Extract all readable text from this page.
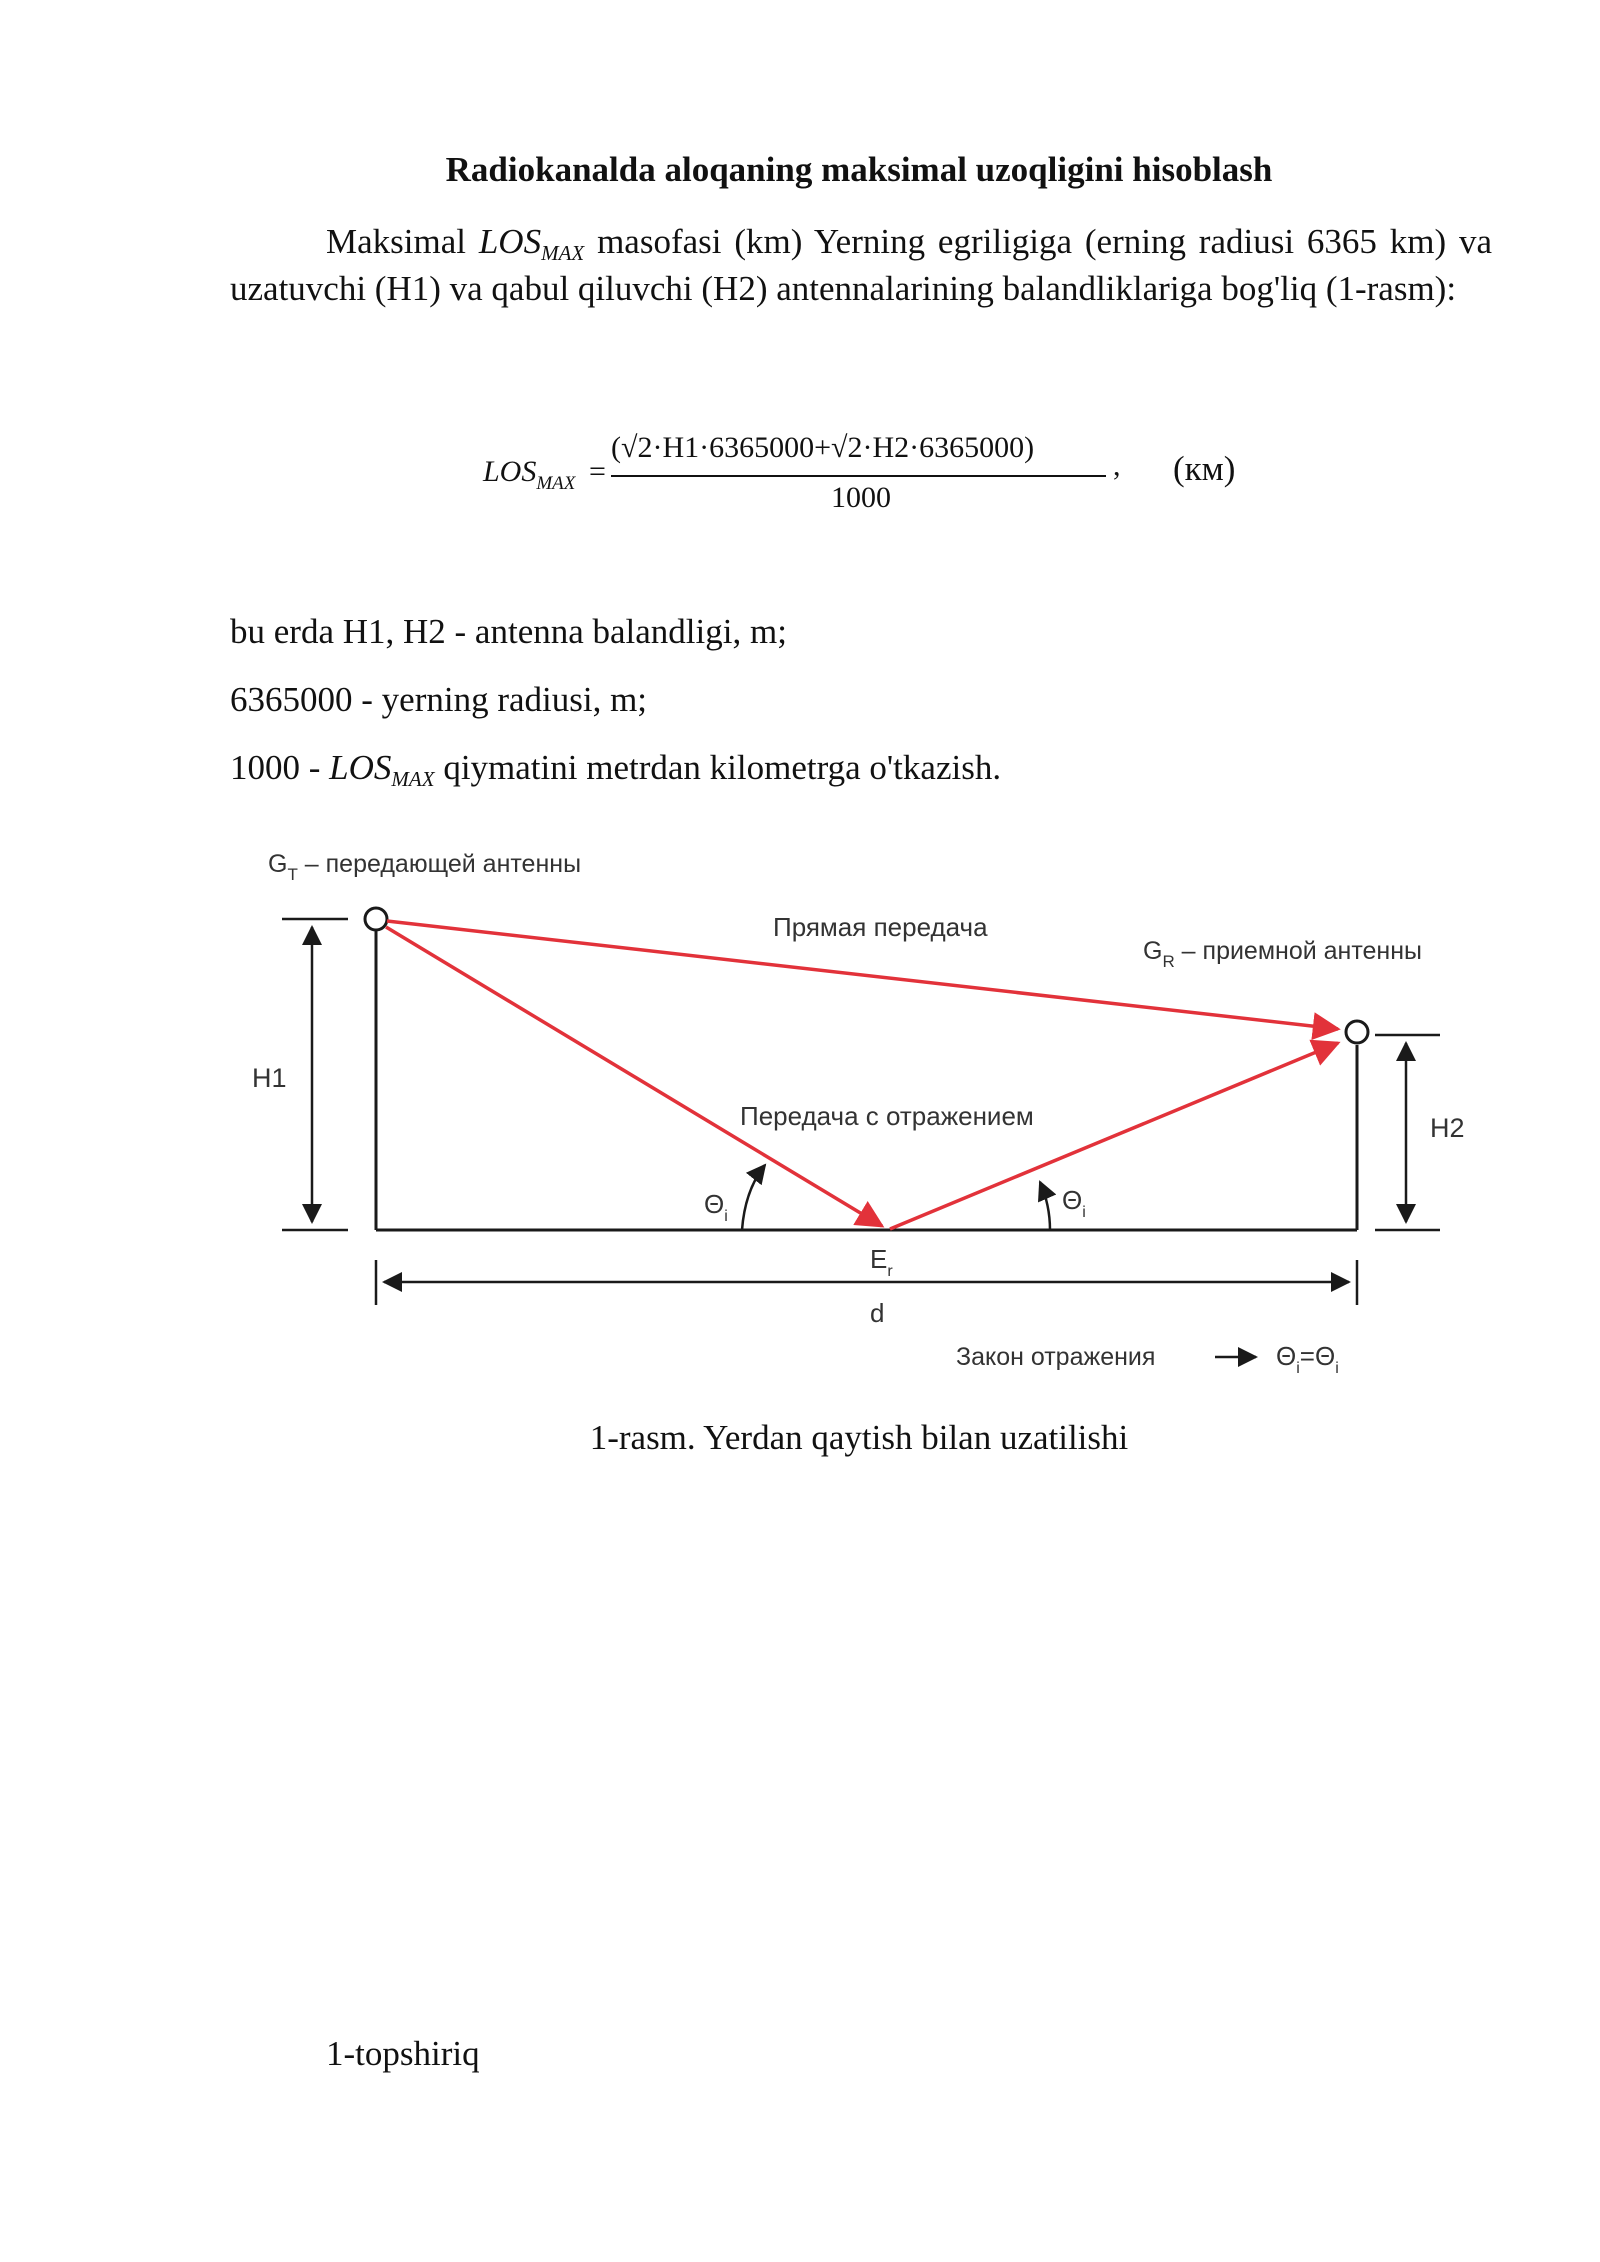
Radiokanalda aloqaning maksimal uzoqligini hisoblash

Maksimal $LOS_{MAX}$ masofasi (km) Yerning egriligiga (erning radiusi 6365 km) va uzatuvchi (H1) va qabul qiluvchi (H2) antennalarining balandliklariga bog'liq (1-rasm):

$LOS_{MAX}$ =
(√2·H1·6365000+√2·H2·6365000)
1000
, (км)
bu erda H1, H2 - antenna balandligi, m;
6365000 - yerning radiusi, m;
$1000 - LOS_{MAX}$ qiymatini metrdan kilometrga o'tkazish.
$G_T$ – передающей антенны
H1
H2
Прямая передача
Передача с отражением
$G_R$ – приемной антенны
$\Theta_i$
$\Theta_i$
$E_r$
d
Закон отражения	$\Theta_i=\Theta_i$
1-rasm. Yerdan qaytish bilan uzatilishi
1-topshiriq
